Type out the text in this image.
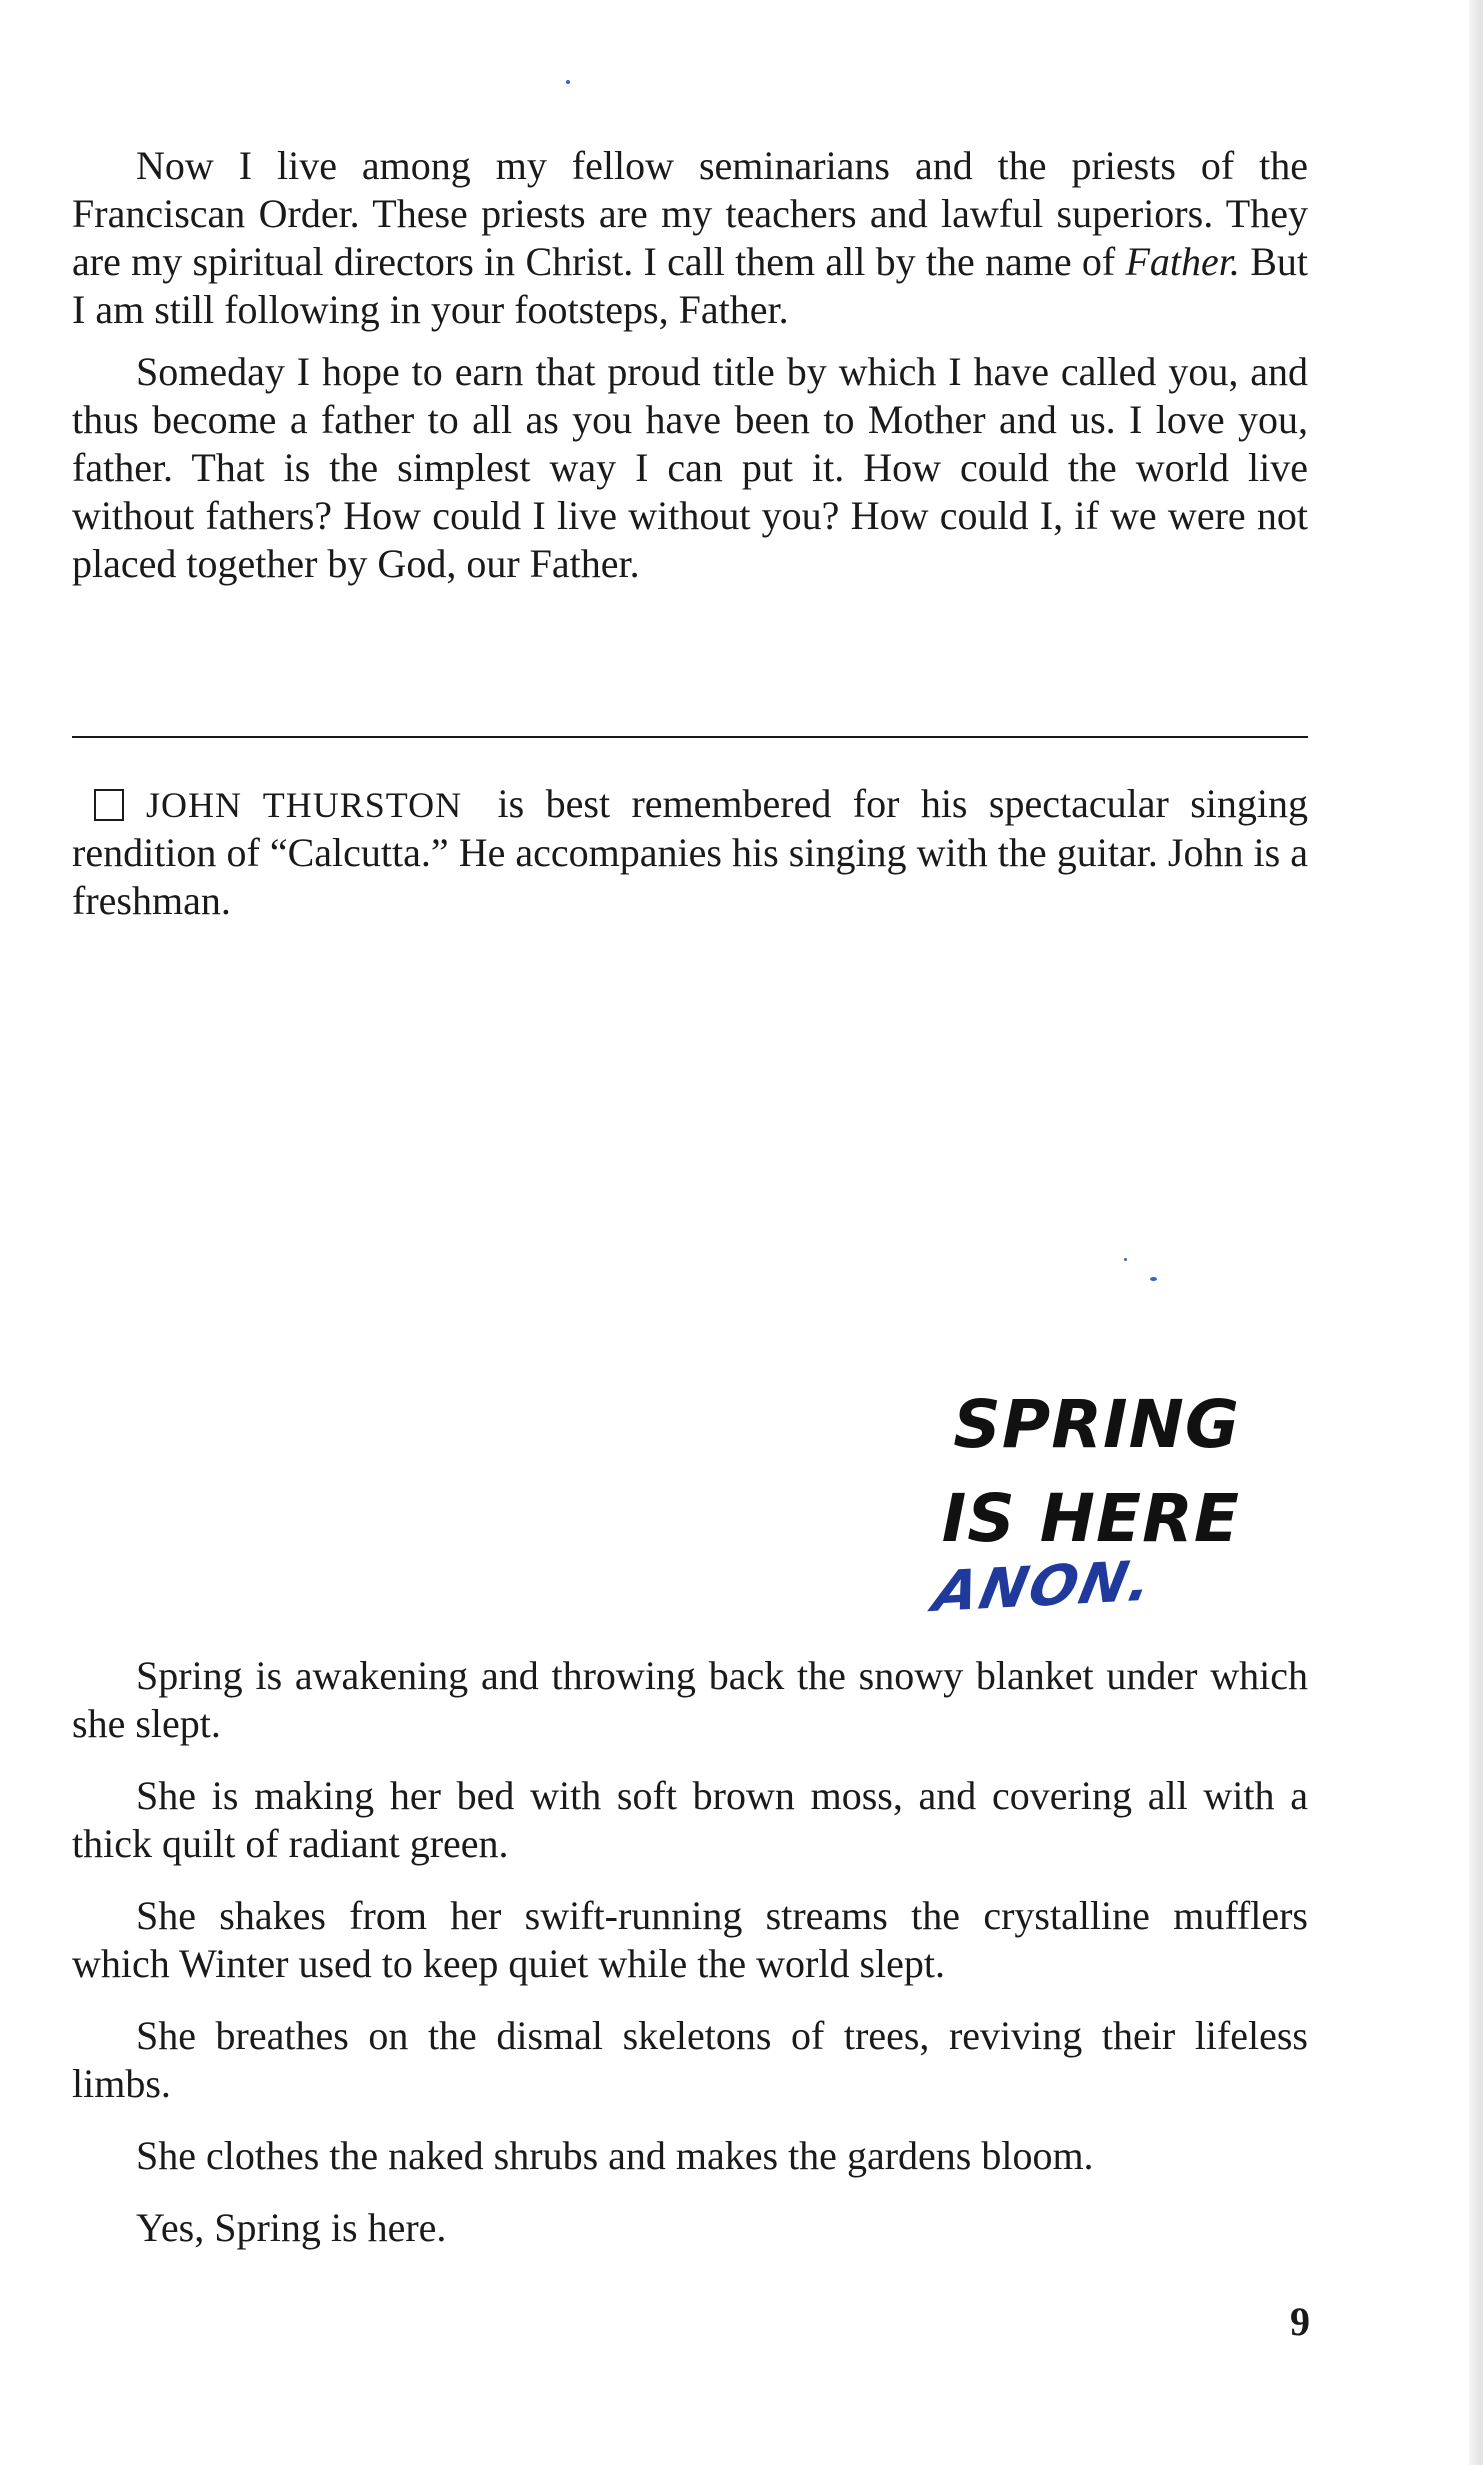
Now I live among my fellow seminarians and the priests of the Franciscan Order. These priests are my teachers and lawful superiors. They are my spiritual directors in Christ. I call them all by the name of Father. But I am still following in your footsteps, Father.

Someday I hope to earn that proud title by which I have called you, and thus become a father to all as you have been to Mother and us. I love you, father. That is the simplest way I can put it. How could the world live without fathers? How could I live without you? How could I, if we were not placed together by God, our Father.

JOHN THURSTON is best remembered for his spectacular singing rendition of “Calcutta.” He accompanies his singing with the guitar. John is a freshman.

SPRING
IS HERE
ANON.

Spring is awakening and throwing back the snowy blanket under which she slept.

She is making her bed with soft brown moss, and covering all with a thick quilt of radiant green.

She shakes from her swift-running streams the crystalline mufflers which Winter used to keep quiet while the world slept.

She breathes on the dismal skeletons of trees, reviving their lifeless limbs.

She clothes the naked shrubs and makes the gardens bloom.

Yes, Spring is here.

9
